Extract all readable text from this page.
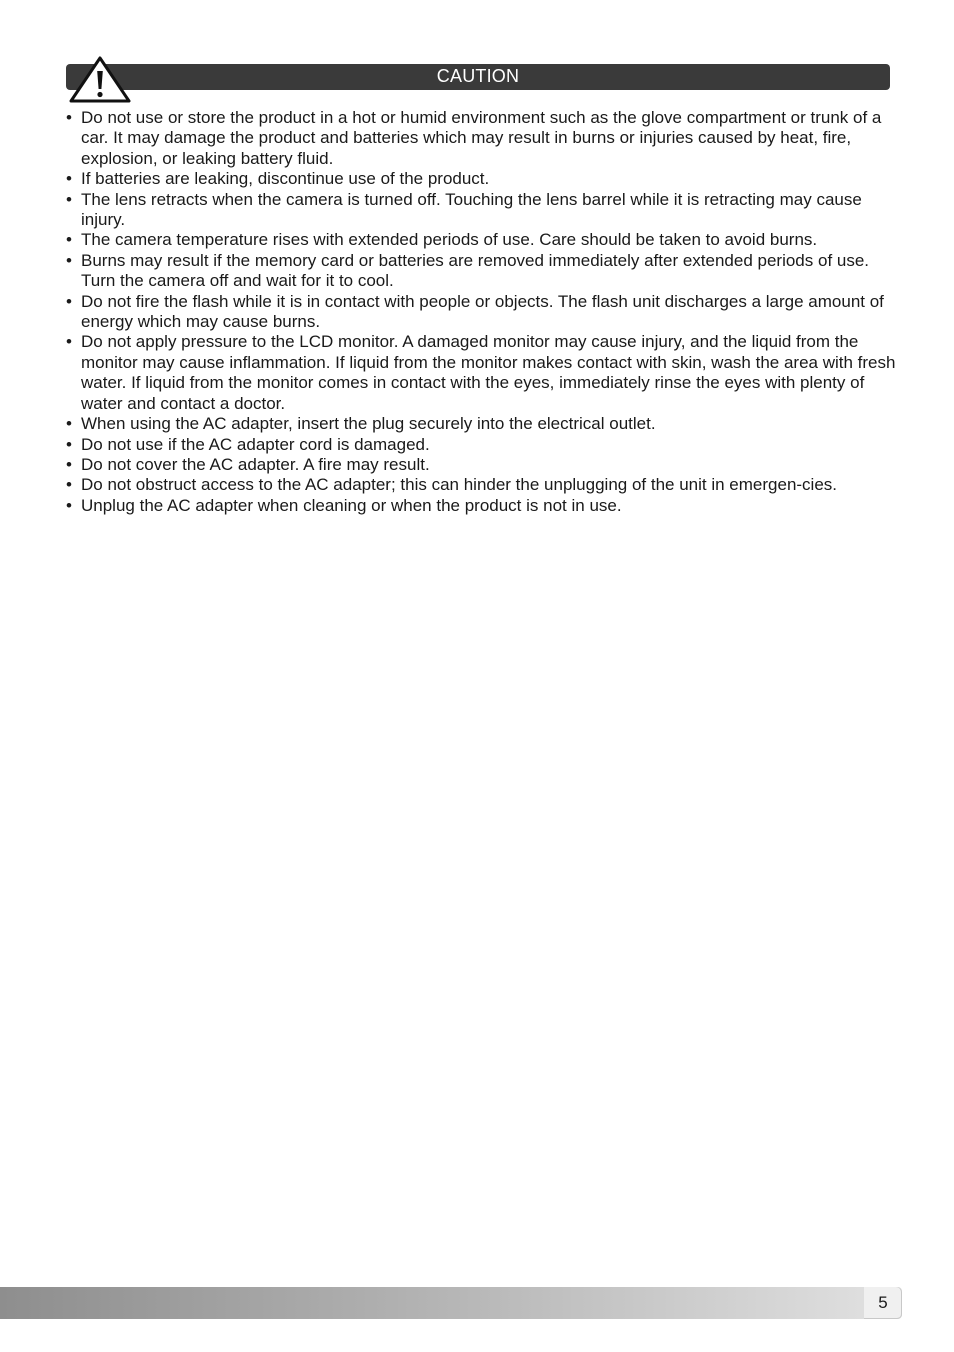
CAUTION
• Do not use or store the product in a hot or humid environment such as the glove compartment or trunk of a car. It may damage the product and batteries which may result in burns or injuries caused by heat, fire, explosion, or leaking battery fluid.
• If batteries are leaking, discontinue use of the product.
• The lens retracts when the camera is turned off. Touching the lens barrel while it is retracting may cause injury.
• The camera temperature rises with extended periods of use. Care should be taken to avoid burns.
• Burns may result if the memory card or batteries are removed immediately after extended periods of use. Turn the camera off and wait for it to cool.
• Do not fire the flash while it is in contact with people or objects. The flash unit discharges a large amount of energy which may cause burns.
• Do not apply pressure to the LCD monitor. A damaged monitor may cause injury, and the liquid from the monitor may cause inflammation. If liquid from the monitor makes contact with skin, wash the area with fresh water. If liquid from the monitor comes in contact with the eyes, immediately rinse the eyes with plenty of water and contact a doctor.
• When using the AC adapter, insert the plug securely into the electrical outlet.
• Do not use if the AC adapter cord is damaged.
• Do not cover the AC adapter. A fire may result.
• Do not obstruct access to the AC adapter; this can hinder the unplugging of the unit in emergen-cies.
• Unplug the AC adapter when cleaning or when the product is not in use.
5
